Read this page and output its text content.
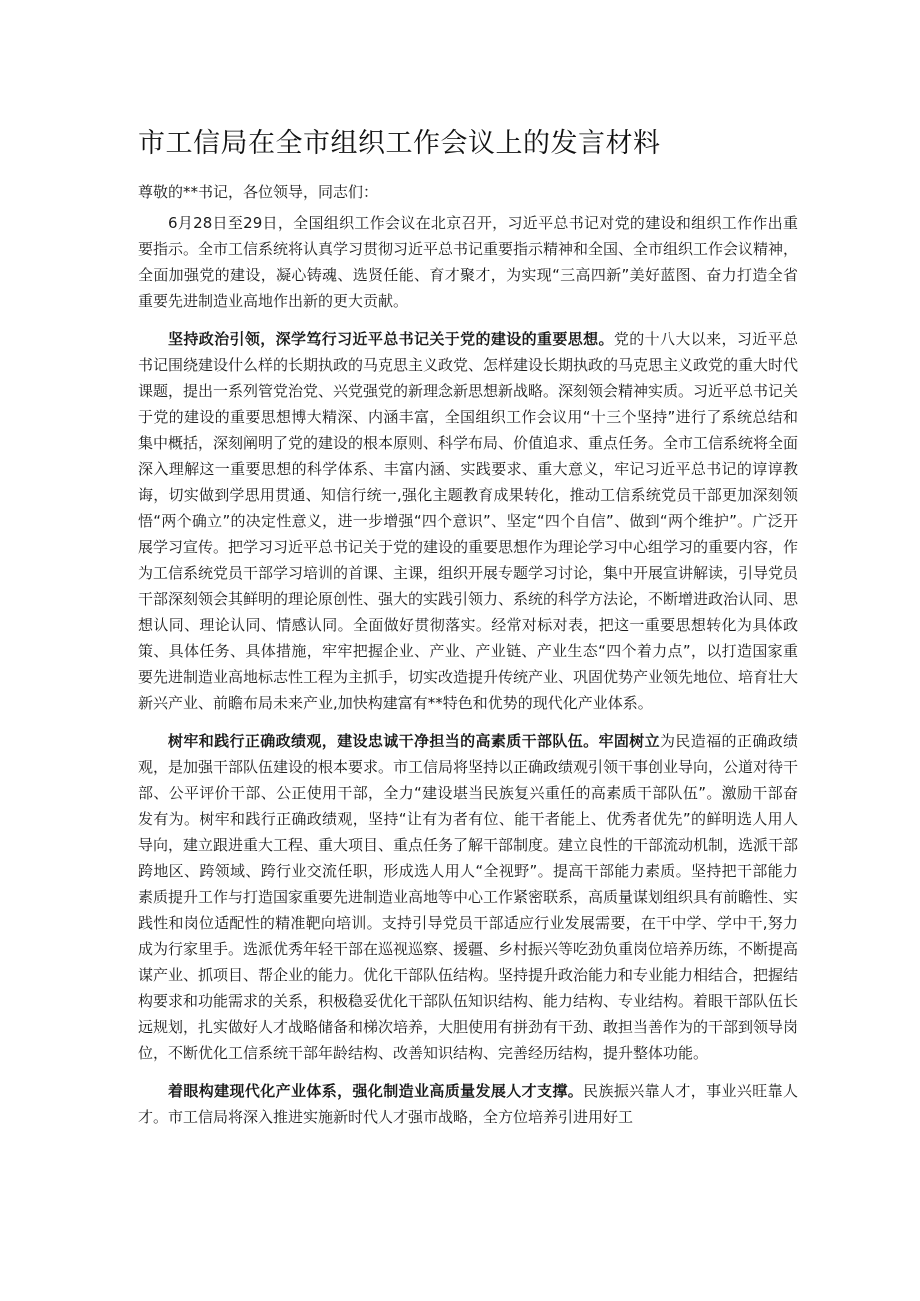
市工信局在全市组织工作会议上的发言材料

尊敬的**书记，各位领导，同志们：

6月28日至29日，全国组织工作会议在北京召开，习近平总书记对党的建设和组织工作作出重要指示。全市工信系统将认真学习贯彻习近平总书记重要指示精神和全国、全市组织工作会议精神，全面加强党的建设，凝心铸魂、选贤任能、育才聚才，为实现“三高四新”美好蓝图、奋力打造全省重要先进制造业高地作出新的更大贡献。

坚持政治引领，深学笃行习近平总书记关于党的建设的重要思想。党的十八大以来，习近平总书记围绕建设什么样的长期执政的马克思主义政党、怎样建设长期执政的马克思主义政党的重大时代课题，提出一系列管党治党、兴党强党的新理念新思想新战略。深刻领会精神实质。习近平总书记关于党的建设的重要思想博大精深、内涵丰富，全国组织工作会议用“十三个坚持”进行了系统总结和集中概括，深刻阐明了党的建设的根本原则、科学布局、价值追求、重点任务。全市工信系统将全面深入理解这一重要思想的科学体系、丰富内涵、实践要求、重大意义，牢记习近平总书记的谆谆教诲，切实做到学思用贯通、知信行统一,强化主题教育成果转化，推动工信系统党员干部更加深刻领悟“两个确立”的决定性意义，进一步增强“四个意识”、坚定“四个自信”、做到“两个维护”。广泛开展学习宣传。把学习习近平总书记关于党的建设的重要思想作为理论学习中心组学习的重要内容，作为工信系统党员干部学习培训的首课、主课，组织开展专题学习讨论，集中开展宣讲解读，引导党员干部深刻领会其鲜明的理论原创性、强大的实践引领力、系统的科学方法论，不断增进政治认同、思想认同、理论认同、情感认同。全面做好贯彻落实。经常对标对表，把这一重要思想转化为具体政策、具体任务、具体措施，牢牢把握企业、产业、产业链、产业生态“四个着力点”，以打造国家重要先进制造业高地标志性工程为主抓手，切实改造提升传统产业、巩固优势产业领先地位、培育壮大新兴产业、前瞻布局未来产业,加快构建富有**特色和优势的现代化产业体系。

树牢和践行正确政绩观，建设忠诚干净担当的高素质干部队伍。牢固树立为民造福的正确政绩观，是加强干部队伍建设的根本要求。市工信局将坚持以正确政绩观引领干事创业导向，公道对待干部、公平评价干部、公正使用干部，全力“建设堪当民族复兴重任的高素质干部队伍”。激励干部奋发有为。树牢和践行正确政绩观，坚持“让有为者有位、能干者能上、优秀者优先”的鲜明选人用人导向，建立跟进重大工程、重大项目、重点任务了解干部制度。建立良性的干部流动机制，选派干部跨地区、跨领域、跨行业交流任职，形成选人用人“全视野”。提高干部能力素质。坚持把干部能力素质提升工作与打造国家重要先进制造业高地等中心工作紧密联系，高质量谋划组织具有前瞻性、实践性和岗位适配性的精准靶向培训。支持引导党员干部适应行业发展需要，在干中学、学中干,努力成为行家里手。选派优秀年轻干部在巡视巡察、援疆、乡村振兴等吃劲负重岗位培养历练，不断提高谋产业、抓项目、帮企业的能力。优化干部队伍结构。坚持提升政治能力和专业能力相结合，把握结构要求和功能需求的关系，积极稳妥优化干部队伍知识结构、能力结构、专业结构。着眼干部队伍长远规划，扎实做好人才战略储备和梯次培养，大胆使用有拼劲有干劲、敢担当善作为的干部到领导岗位，不断优化工信系统干部年龄结构、改善知识结构、完善经历结构，提升整体功能。

着眼构建现代化产业体系，强化制造业高质量发展人才支撑。民族振兴靠人才，事业兴旺靠人才。市工信局将深入推进实施新时代人才强市战略，全方位培养引进用好工
